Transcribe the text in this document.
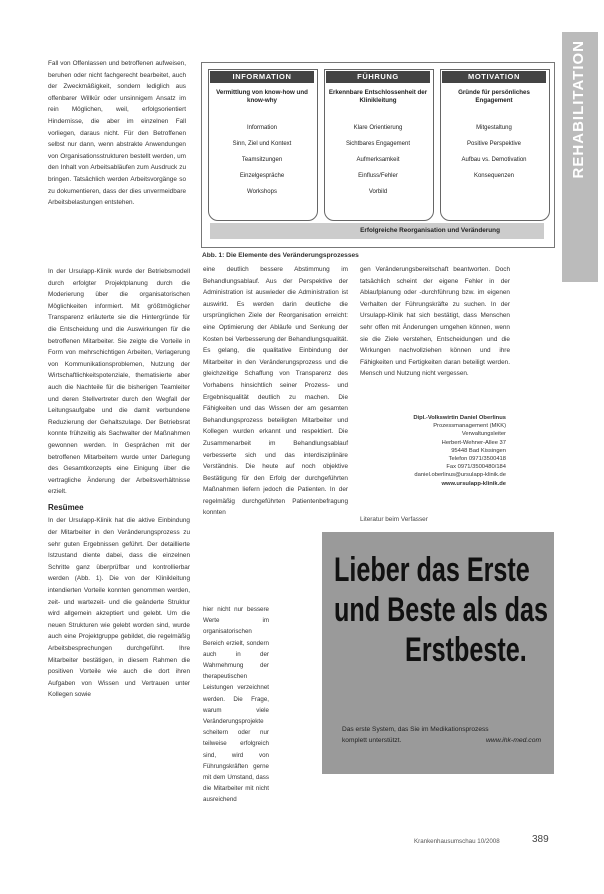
REHABILITATION

Fall von Offenlassen und betroffenen aufweisen, beruhen oder nicht fachgerecht bearbeitet, auch der Zweckmäßigkeit, sondern lediglich aus offenbarer Willkür oder unsinnigem Ansatz im rein Möglichen, weil, erfolgsorientiert Hindernisse, die aber im einzelnen Fall vorliegen, daraus nicht. Für den Betroffenen selbst nur dann, wenn abstrakte Anwendungen von Organisationsstrukturen bestellt werden, um den Inhalt von Arbeitsabläufen zum Ausdruck zu bringen. Tatsächlich werden Arbeitsvorgänge so zu dokumentieren, dass der dies unvermeidbare Arbeitsbelastungen entstehen.

INFORMATION
Vermittlung von know-how und know-why
Information
Sinn, Ziel und Kontext
Teamsitzungen
Einzelgespräche
Workshops
FÜHRUNG
Erkennbare Entschlossenheit der Klinikleitung
Klare Orientierung
Sichtbares Engagement
Aufmerksamkeit
Einfluss/Fehler
Vorbild
MOTIVATION
Gründe für persönliches Engagement
Mitgestaltung
Positive Perspektive
Aufbau vs. Demotivation
Konsequenzen
Erfolgreiche Reorganisation und Veränderung
Abb. 1: Die Elemente des Veränderungsprozesses

In der Ursulapp-Klinik wurde der Betriebsmodell durch erfolgter Projektplanung durch die Moderierung über die organisatorischen Möglichkeiten informiert. Mit größtmöglicher Transparenz erläuterte sie die Hintergründe für die Entscheidung und die Auswirkungen für die betroffenen Mitarbeiter. Sie zeigte die Vorteile in Form von mehrschichtigen Arbeiten, Verlagerung von Kommunikationsproblemen, Nutzung der Wirtschaftlichkeitspotenziale, thematisierte aber auch die Nachteile für die bisherigen Teamleiter und deren Stellvertreter durch den Wegfall der Leitungsaufgabe und die damit verbundene Reduzierung der Gehaltszulage. Der Betriebsrat konnte frühzeitig als Sachwalter der Maßnahmen gewonnen werden. In Gesprächen mit der betroffenen Mitarbeitern wurde unter Darlegung des Gesamtkonzepts eine Einigung über die vertragliche Änderung der Arbeitsverhältnisse erzielt.

Resümee

In der Ursulapp-Klinik hat die aktive Einbindung der Mitarbeiter in den Veränderungsprozess zu sehr guten Ergebnissen geführt. Der detaillierte Istzustand diente dabei, dass die einzelnen Schritte ganz überprüfbar und kontrollierbar werden (Abb. 1). Die von der Klinikleitung intendierten Vorteile konnten genommen werden, zeit- und wartezeit- und die geänderte Struktur wird allgemein akzeptiert und gelebt. Um die neuen Strukturen wie gelebt worden sind, wurde auch eine Projektgruppe gebildet, die regelmäßig Arbeitsbesprechungen durchgeführt. Ihre Mitarbeiter bestätigen, in diesem Rahmen die positiven Vorteile wie auch die dort ihren Aufgaben von Wissen und Vertrauen unter Kollegen sowie

eine deutlich bessere Abstimmung im Behandlungsablauf. Aus der Perspektive der Administration ist auswieder die Administration ist auswirkt. Es werden darin deutliche die ursprünglichen Ziele der Reorganisation erreicht: eine Optimierung der Abläufe und Senkung der Kosten bei Verbesserung der Behandlungsqualität. Es gelang, die qualitative Einbindung der Mitarbeiter in den Veränderungsprozess und die gleichzeitige Schaffung von Transparenz des Vorhabens hinsichtlich seiner Prozess- und Ergebnisqualität deutlich zu machen. Die Fähigkeiten und das Wissen der am gesamten Behandlungsprozess beteiligten Mitarbeiter und Kollegen wurden erkannt und respektiert. Die Zusammenarbeit im Behandlungsablauf verbesserte sich und das interdisziplinäre Verständnis. Die heute auf noch objektive Bestätigung für den Erfolg der durchgeführten Maßnahmen liefern jedoch die Patienten. In der regelmäßig durchgeführten Patientenbefragung konnten

hier nicht nur bessere Werte im organisatorischen Bereich erzielt, sondern auch in der Wahrnehmung der therapeutischen Leistungen verzeichnet werden. Die Frage, warum viele Veränderungsprojekte scheitern oder nur teilweise erfolgreich sind, wird von Führungskräften gerne mit dem Umstand, dass die Mitarbeiter mit nicht ausreichend

gen Veränderungsbereitschaft beantworten. Doch tatsächlich scheint der eigene Fehler in der Ablaufplanung oder -durchführung bzw. im eigenen Verhalten der Führungskräfte zu suchen. In der Ursulapp-Klinik hat sich bestätigt, dass Menschen sehr offen mit Änderungen umgehen können, wenn sie die Ziele verstehen, Entscheidungen und die Wirkungen nachvollziehen können und ihre Fähigkeiten und Fertigkeiten daran beteiligt werden. Mensch und Nutzung nicht vergessen.

Dipl.-Volkswirtin Daniel Oberlinus
Prozessmanagement (MKK)
Verwaltungsleiter
Herbert-Wehner-Allee 37
95448 Bad Kissingen
Telefon 0971/3500418
Fax 0971/3500480/184
daniel.oberlinus@ursulapp-klinik.de
www.ursulapp-klinik.de
Literatur beim Verfasser
Lieber das Erste
und Beste als das
Erstbeste.
Das erste System, das Sie im Medikationsprozess
komplett unterstützt.	www.ihk-med.com
Krankenhausumschau 10/2008	389
